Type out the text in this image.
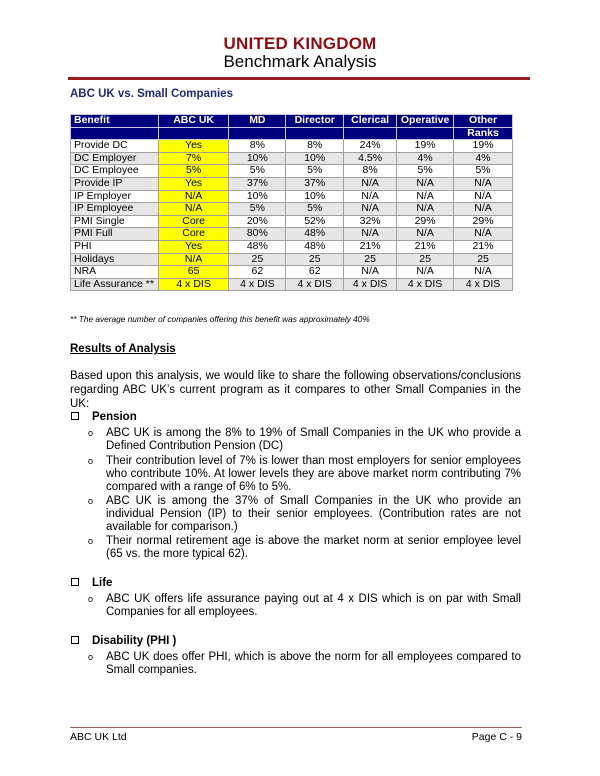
UNITED KINGDOM
Benchmark Analysis
ABC UK vs. Small Companies
Benefit	ABC UK	MD	Director	Clerical	Operative	Other
						Ranks
Provide DC	Yes	8%	8%	24%	19%	19%
DC Employer	7%	10%	10%	4.5%	4%	4%
DC Employee	5%	5%	5%	8%	5%	5%
Provide IP	Yes	37%	37%	N/A	N/A	N/A
IP Employer	N/A	10%	10%	N/A	N/A	N/A
IP Employee	N/A	5%	5%	N/A	N/A	N/A
PMI Single	Core	20%	52%	32%	29%	29%
PMI Full	Core	80%	48%	N/A	N/A	N/A
PHI	Yes	48%	48%	21%	21%	21%
Holidays	N/A	25	25	25	25	25
NRA	65	62	62	N/A	N/A	N/A
Life Assurance **	4 x DIS	4 x DIS	4 x DIS	4 x DIS	4 x DIS	4 x DIS
** The average number of companies offering this benefit was approximately 40%
Results of Analysis
Based upon this analysis, we would like to share the following observations/conclusions regarding ABC UK’s current program as it compares to other Small Companies in the UK:
Pension
o ABC UK is among the 8% to 19% of Small Companies in the UK who provide a Defined Contribution Pension (DC)
o Their contribution level of 7% is lower than most employers for senior employees who contribute 10%. At lower levels they are above market norm contributing 7% compared with a range of 6% to 5%.
o ABC UK is among the 37% of Small Companies in the UK who provide an individual Pension (IP) to their senior employees. (Contribution rates are not available for comparison.)
o Their normal retirement age is above the market norm at senior employee level (65 vs. the more typical 62).
Life
o ABC UK offers life assurance paying out at 4 x DIS which is on par with Small Companies for all employees.
Disability (PHI )
o ABC UK does offer PHI, which is above the norm for all employees compared to Small companies.
ABC UK Ltd	Page C - 9
